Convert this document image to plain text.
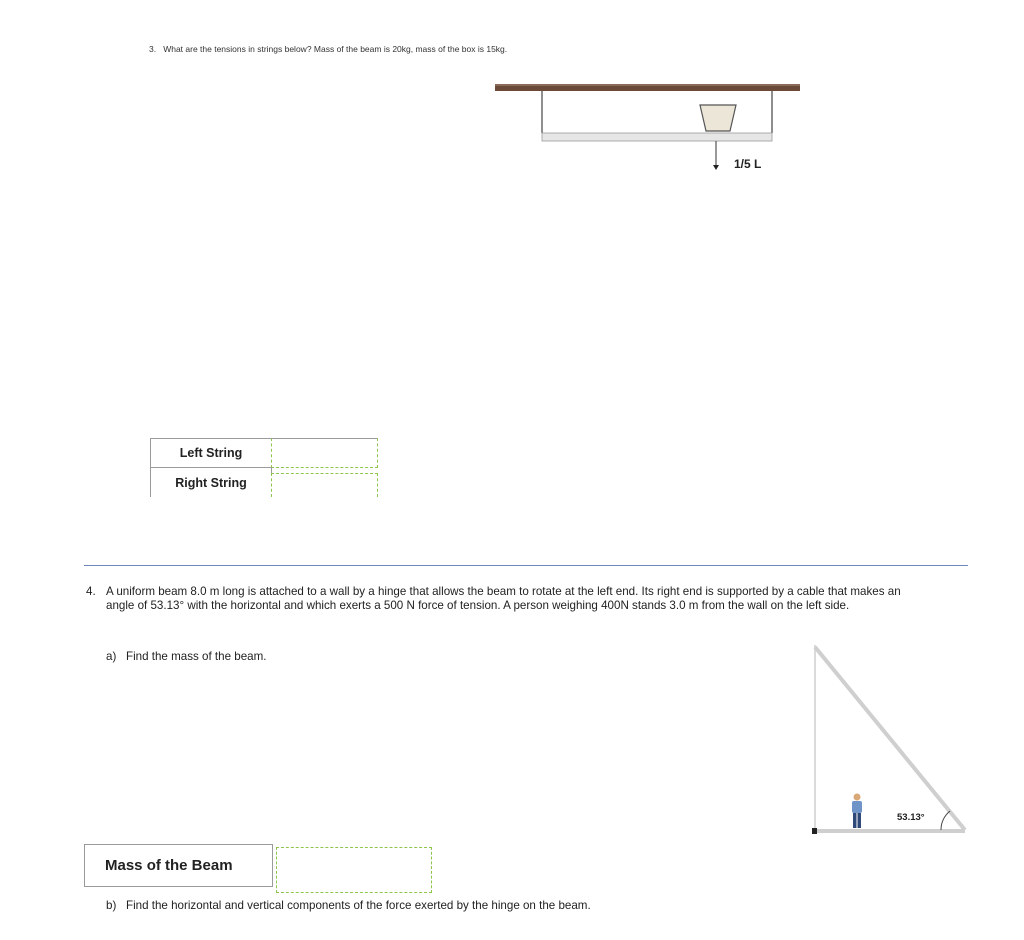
3. What are the tensions in strings below? Mass of the beam is 20kg, mass of the box is 15kg.
1/5 L
Left String
Right String
4. A uniform beam 8.0 m long is attached to a wall by a hinge that allows the beam to rotate at the left end. Its right end is supported by a cable that makes an angle of 53.13° with the horizontal and which exerts a 500 N force of tension. A person weighing 400N stands 3.0 m from the wall on the left side.
a) Find the mass of the beam.
53.13°
Mass of the Beam
b) Find the horizontal and vertical components of the force exerted by the hinge on the beam.
